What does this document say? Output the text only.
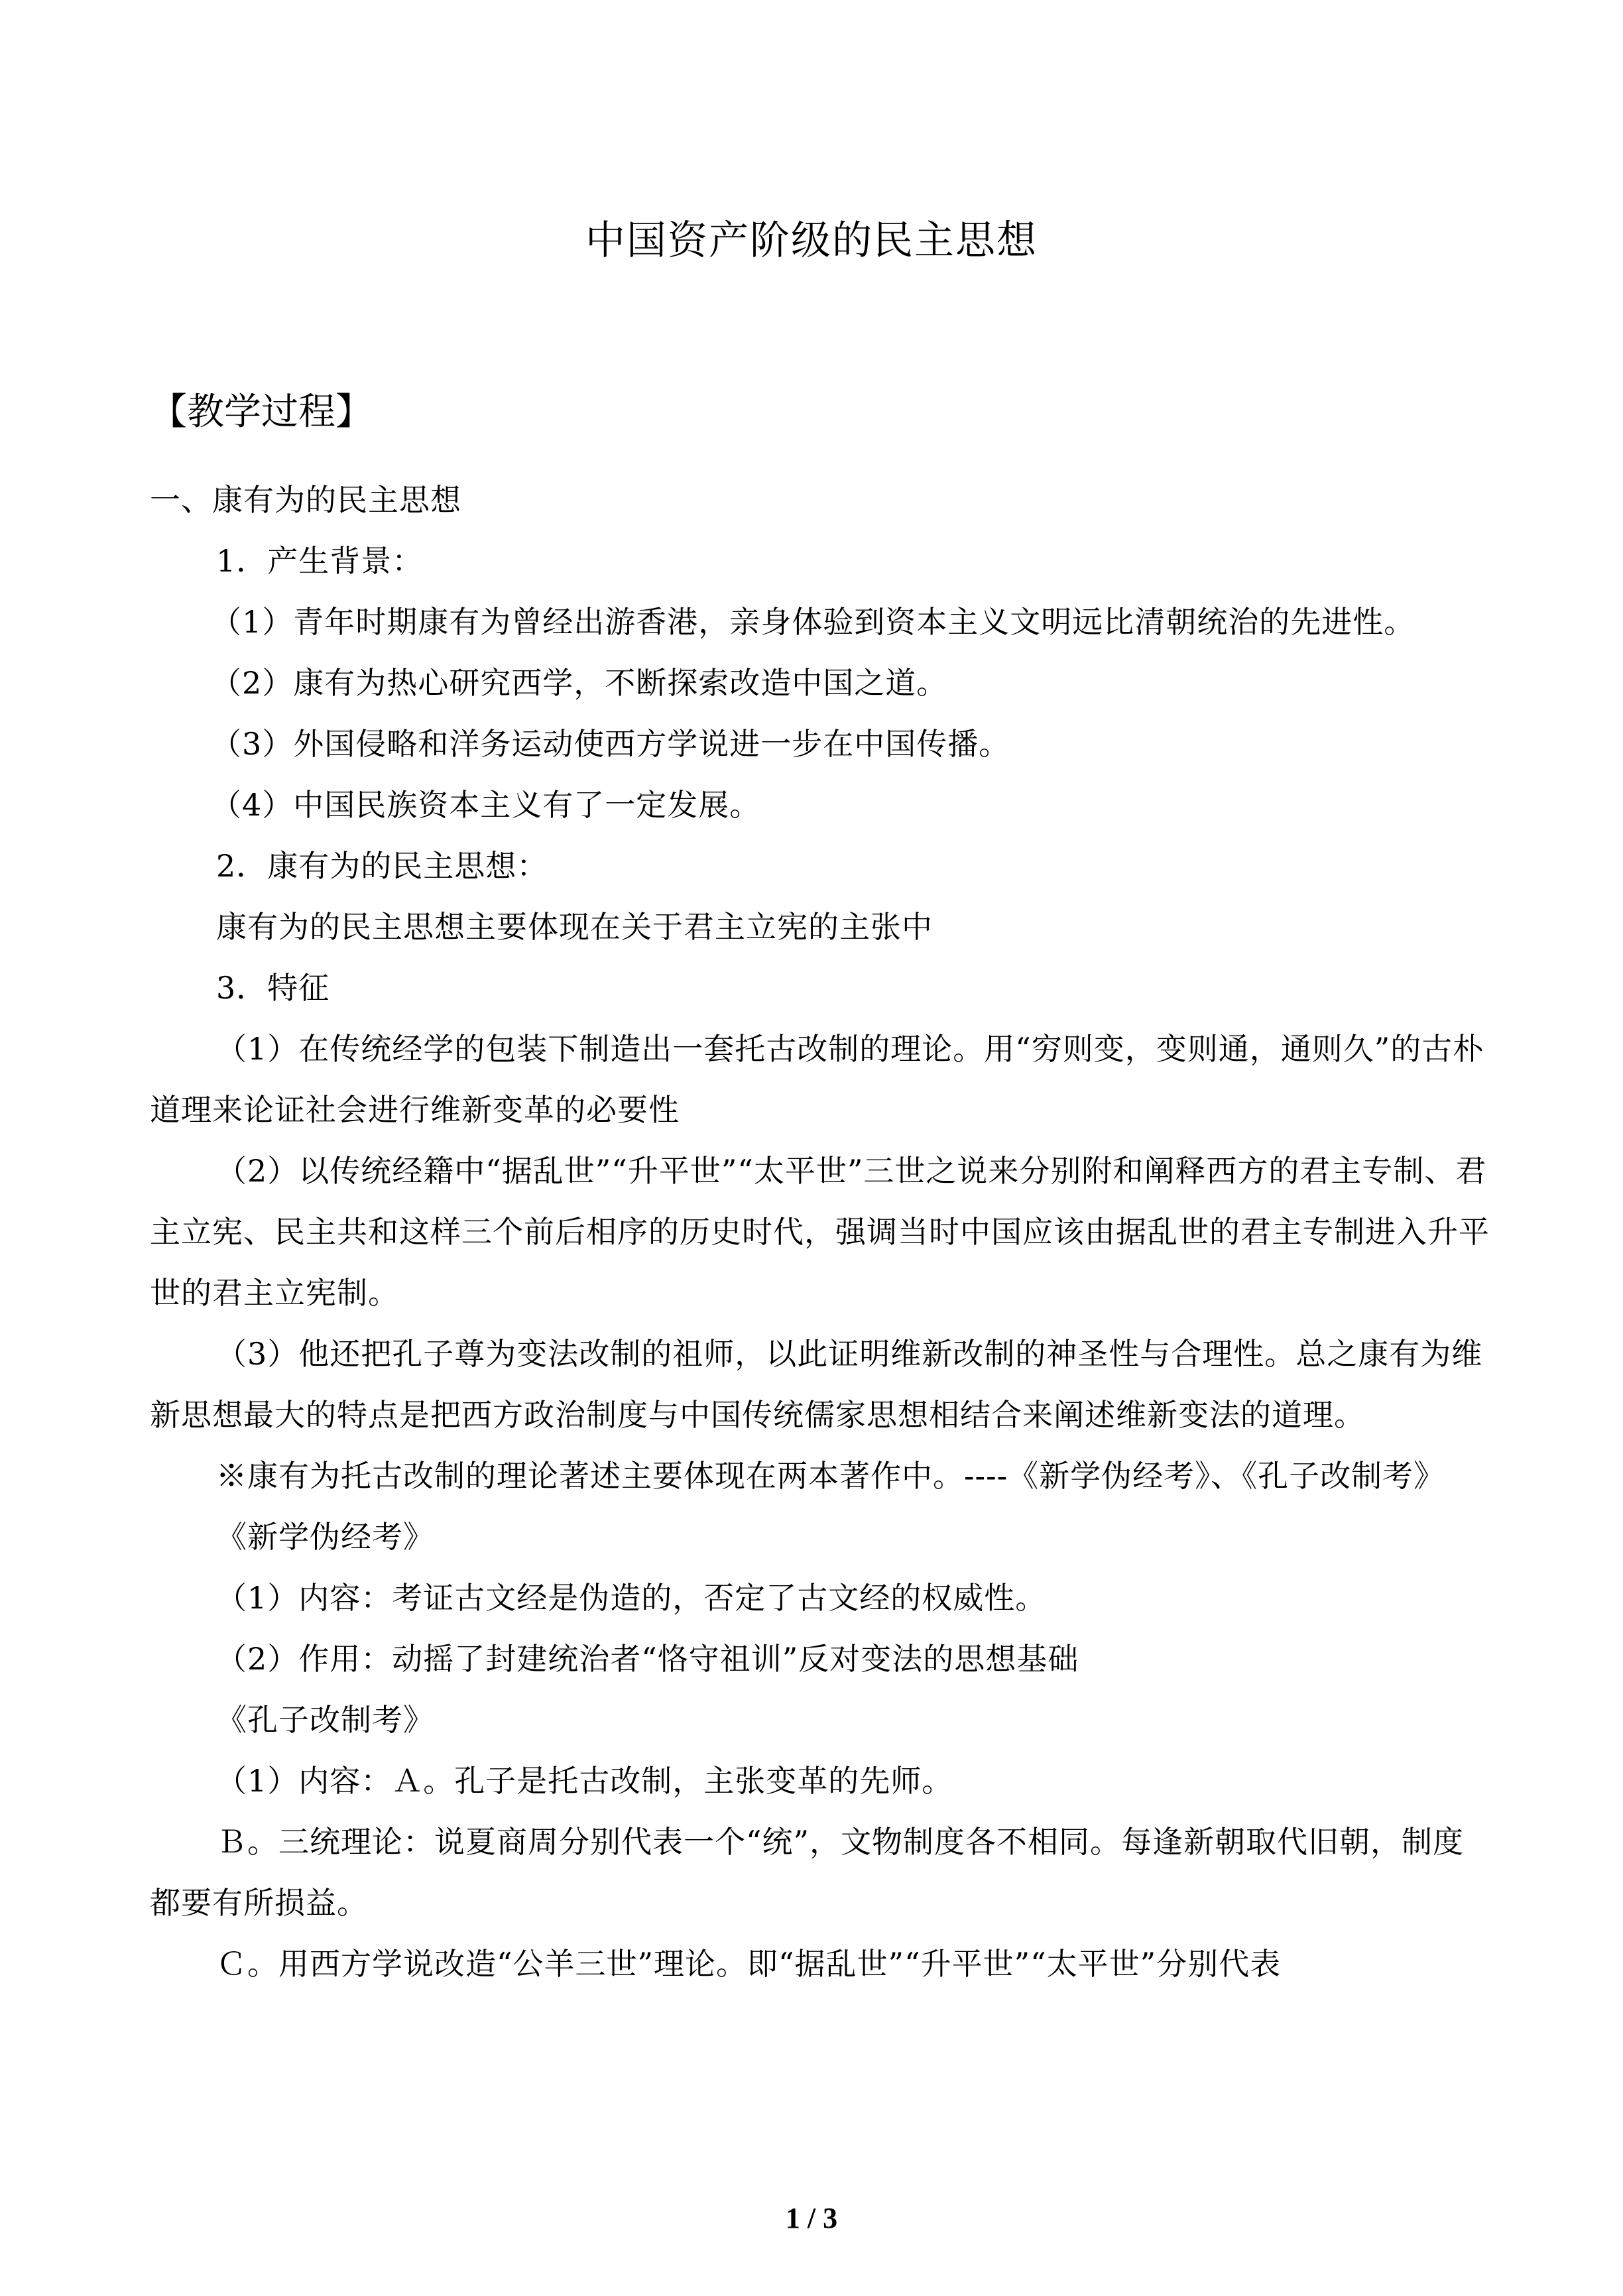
中国资产阶级的民主思想
【教学过程】

一、康有为的民主思想

1．产生背景：

（1）青年时期康有为曾经出游香港，亲身体验到资本主义文明远比清朝统治的先进性。

（2）康有为热心研究西学，不断探索改造中国之道。

（3）外国侵略和洋务运动使西方学说进一步在中国传播。

（4）中国民族资本主义有了一定发展。

2．康有为的民主思想：

康有为的民主思想主要体现在关于君主立宪的主张中

3．特征

（1）在传统经学的包装下制造出一套托古改制的理论。用“穷则变，变则通，通则久”的古朴道理来论证社会进行维新变革的必要性

（2）以传统经籍中“据乱世”“升平世”“太平世”三世之说来分别附和阐释西方的君主专制、君主立宪、民主共和这样三个前后相序的历史时代，强调当时中国应该由据乱世的君主专制进入升平世的君主立宪制。

（3）他还把孔子尊为变法改制的祖师，以此证明维新改制的神圣性与合理性。总之康有为维新思想最大的特点是把西方政治制度与中国传统儒家思想相结合来阐述维新变法的道理。

※康有为托古改制的理论著述主要体现在两本著作中。----《新学伪经考》、《孔子改制考》

《新学伪经考》

（1）内容：考证古文经是伪造的，否定了古文经的权威性。

（2）作用：动摇了封建统治者“恪守祖训”反对变法的思想基础

《孔子改制考》

（1）内容：Ａ。孔子是托古改制，主张变革的先师。

Ｂ。三统理论：说夏商周分别代表一个“统”，文物制度各不相同。每逢新朝取代旧朝，制度都要有所损益。

Ｃ。用西方学说改造“公羊三世”理论。即“据乱世”“升平世”“太平世”分别代表

1 / 3
